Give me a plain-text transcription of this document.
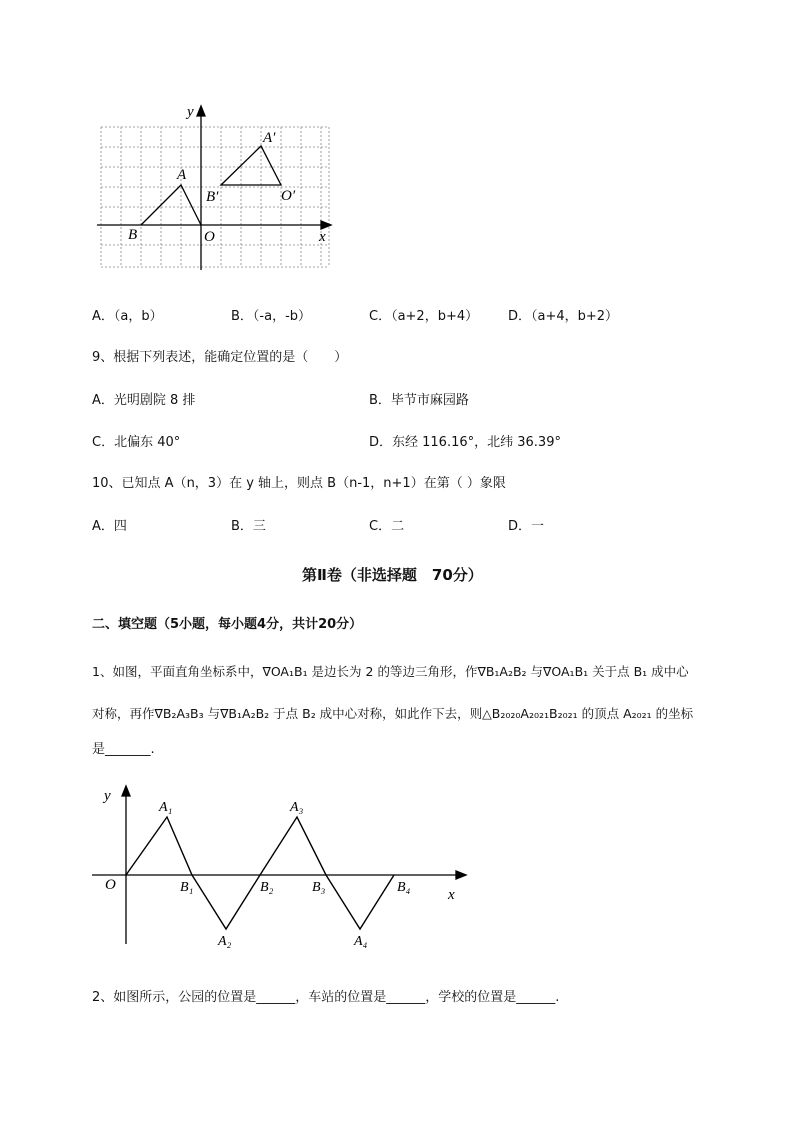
y
x
O
A
B
A′
B′	O′
A．（a，b）	B．（-a，-b）	C．（a+2，b+4） D．（a+4，b+2）
9、根据下列表述，能确定位置的是（　　）
A．光明剧院 8 排	B．毕节市麻园路
C．北偏东 40°	D．东经 116.16°，北纬 36.39°
10、已知点 A（n，3）在 y 轴上，则点 B（n-1，n+1）在第（ ）象限
A．四	B．三	C．二	D．一
第Ⅱ卷（非选择题　70分）
二、填空题（5小题，每小题4分，共计20分）
1、如图，平面直角坐标系中，∇OA₁B₁ 是边长为 2 的等边三角形，作∇B₁A₂B₂ 与∇OA₁B₁ 关于点 B₁ 成中心
对称，再作∇B₂A₃B₃ 与∇B₁A₂B₂ 于点 B₂ 成中心对称，如此作下去，则△B₂₀₂₀A₂₀₂₁B₂₀₂₁ 的顶点 A₂₀₂₁ 的坐标
是_______.
y
x
O
A₁
A₂
A₃
A₄
B₁	B₂	B₃	B₄
2、如图所示，公园的位置是______，车站的位置是______，学校的位置是______.
